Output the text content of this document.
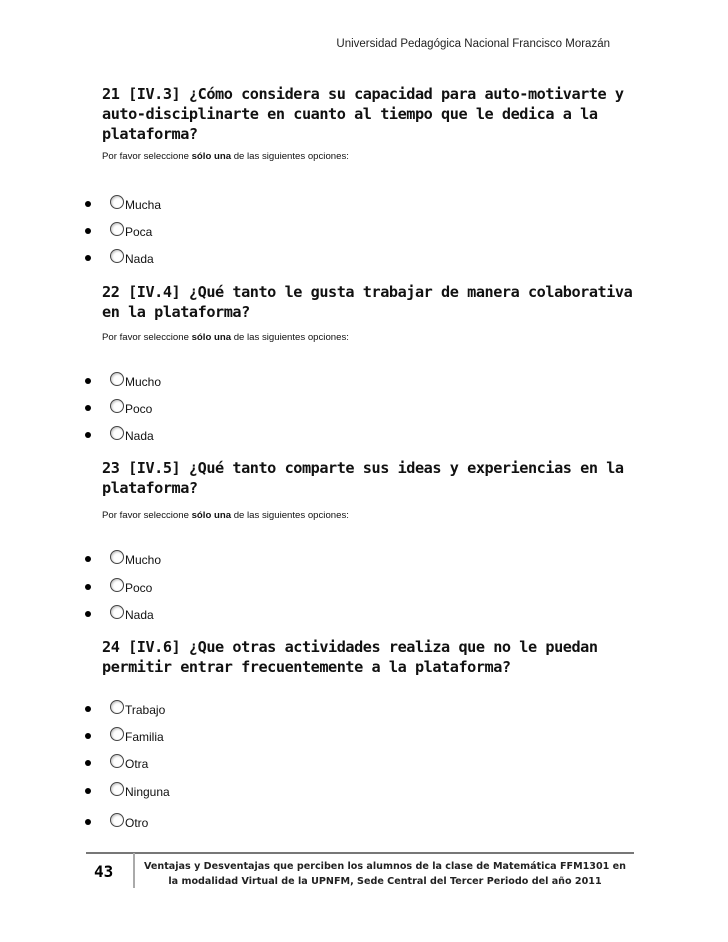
Universidad Pedagógica Nacional Francisco Morazán
21 [IV.3] ¿Cómo considera su capacidad para auto-motivarte y auto-disciplinarte en cuanto al tiempo que le dedica a la plataforma?
Por favor seleccione sólo una de las siguientes opciones:
Mucha
Poca
Nada
22 [IV.4] ¿Qué tanto le gusta trabajar de manera colaborativa en la plataforma?
Por favor seleccione sólo una de las siguientes opciones:
Mucho
Poco
Nada
23 [IV.5] ¿Qué tanto comparte sus ideas y experiencias en la plataforma?
Por favor seleccione sólo una de las siguientes opciones:
Mucho
Poco
Nada
24 [IV.6] ¿Que otras actividades realiza que no le puedan permitir entrar frecuentemente a la plataforma?
Trabajo
Familia
Otra
Ninguna
Otro
43	Ventajas y Desventajas que perciben los alumnos de la clase de Matemática FFM1301 en
la modalidad Virtual de la UPNFM, Sede Central del Tercer Periodo del año 2011
